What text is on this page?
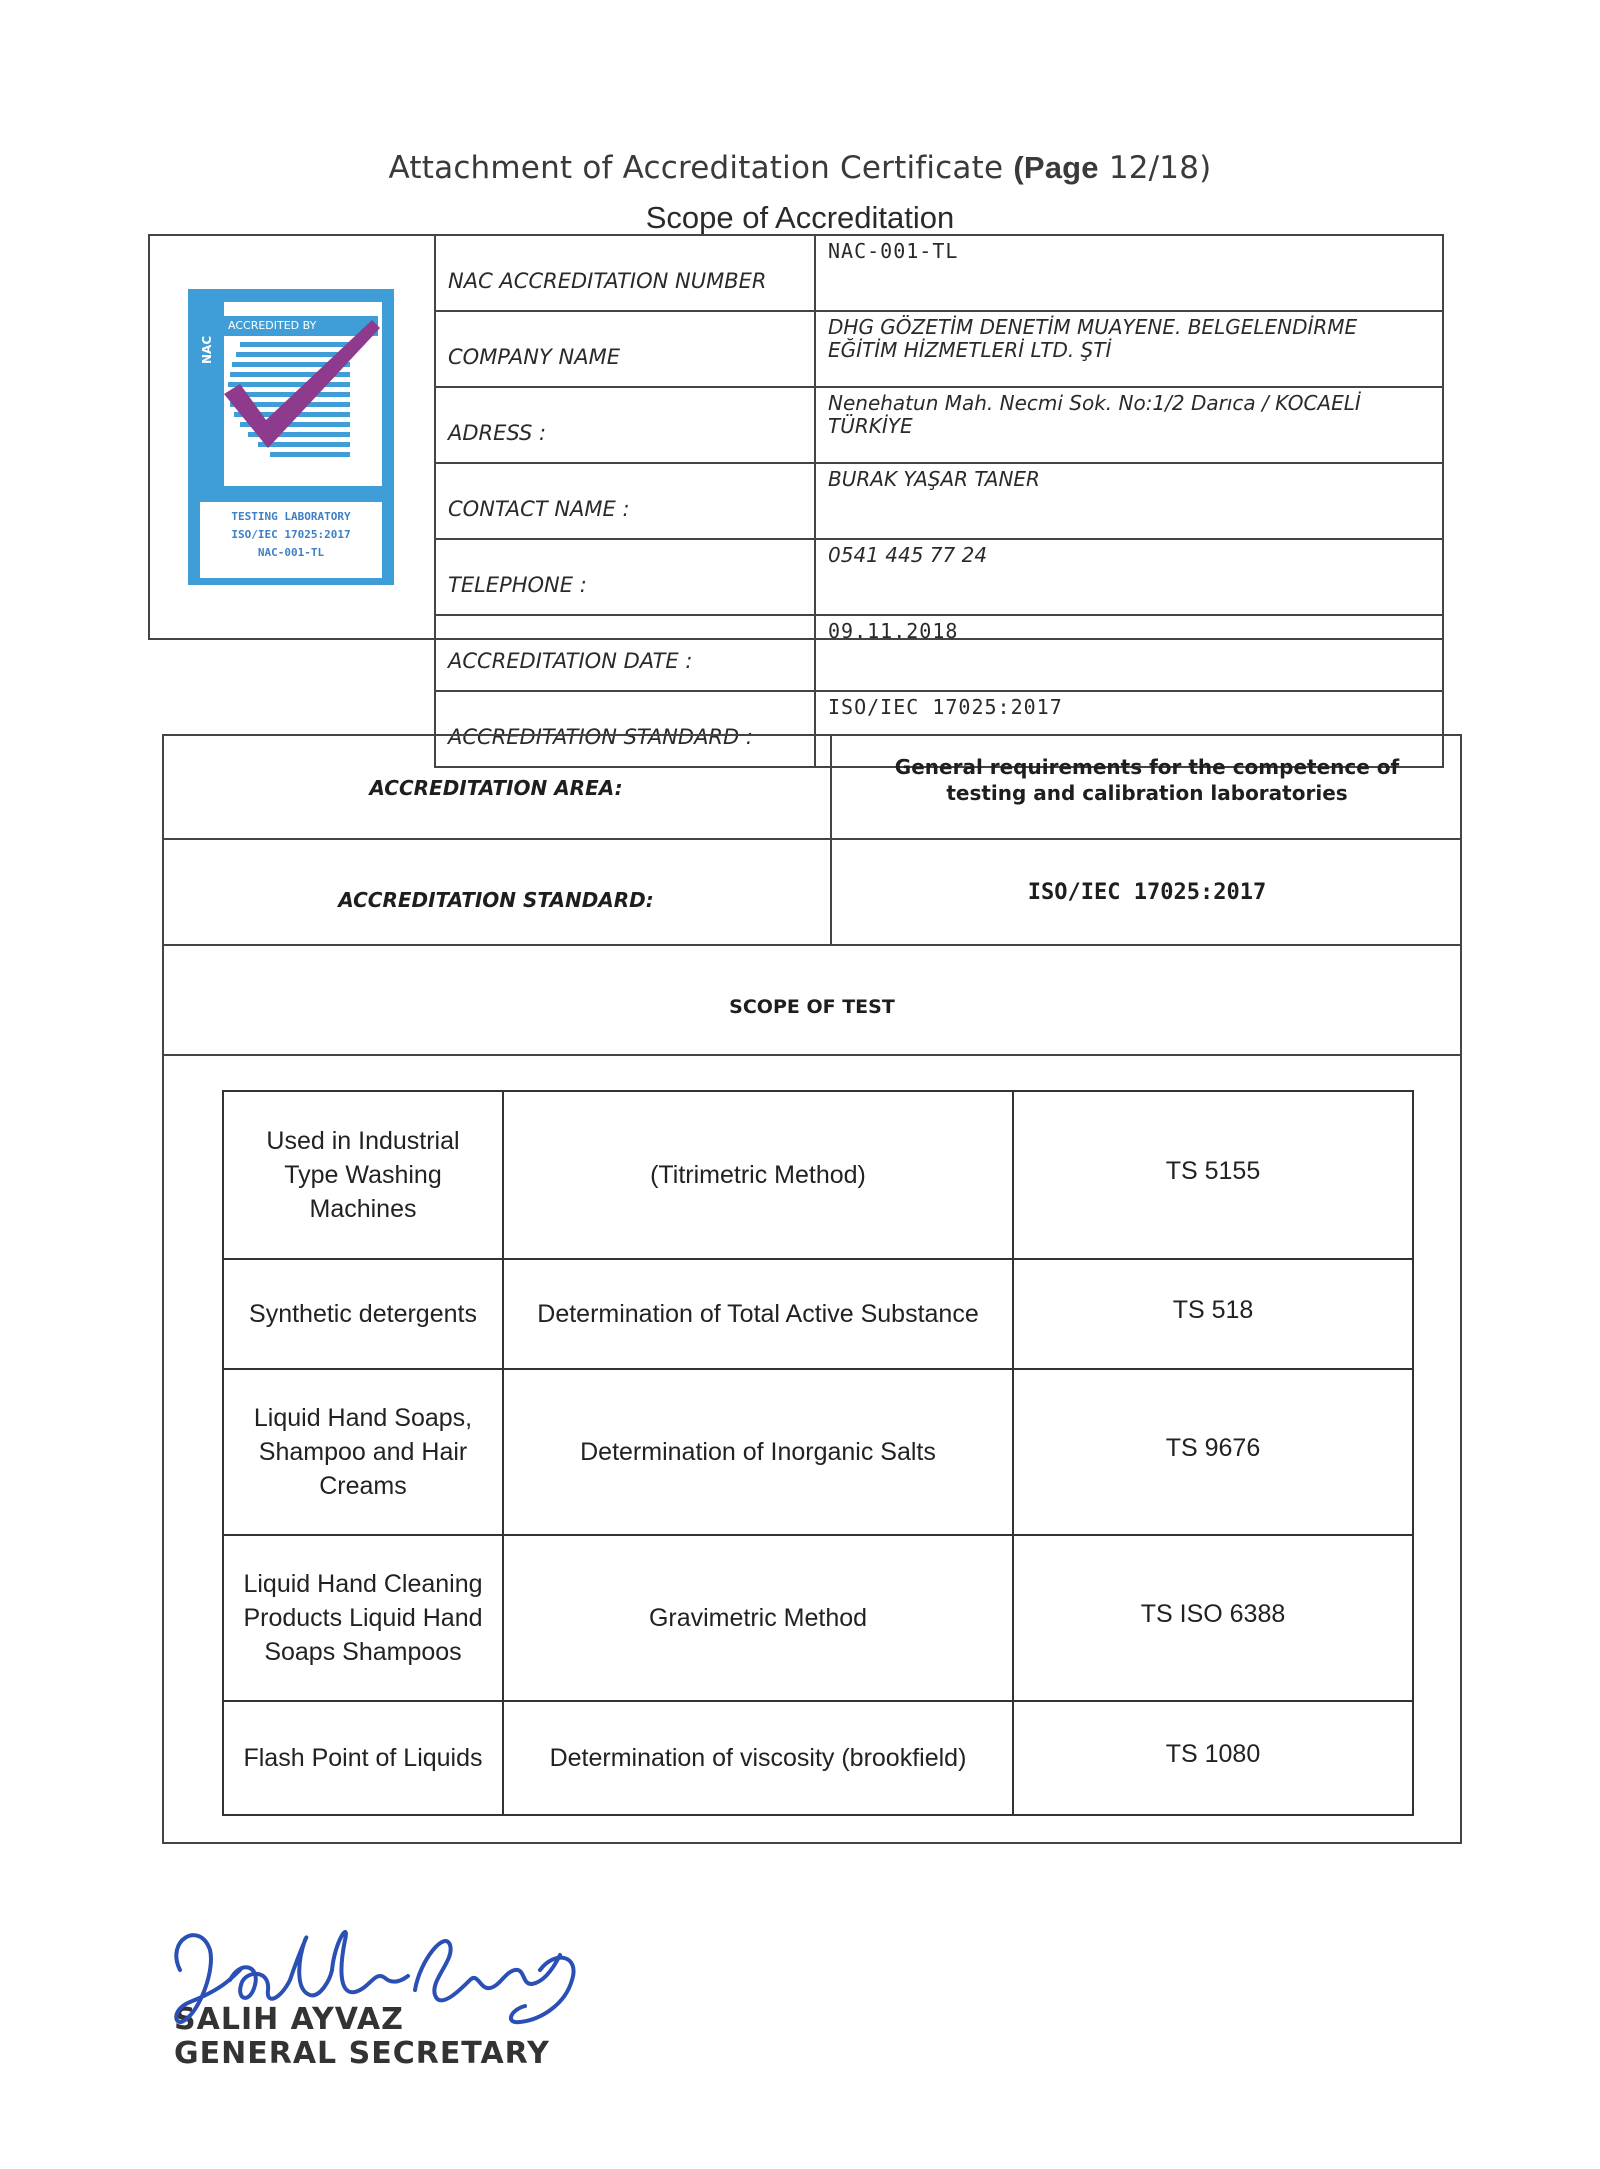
Attachment of Accreditation Certificate (Page 12/18)
Scope of Accreditation
NAC
ACCREDITED BY
TESTING LABORATORY
ISO/IEC 17025:2017
NAC-001-TL
NAC ACCREDITATION NUMBER	NAC-001-TL
COMPANY NAME	DHG GÖZETİM DENETİM MUAYENE. BELGELENDİRME
EĞİTİM HİZMETLERİ LTD. ŞTİ

ADRESS :	Nenehatun Mah. Necmi Sok. No:1/2 Darıca / KOCAELİ
TÜRKİYE

CONTACT NAME :	BURAK YAŞAR TANER
TELEPHONE :	0541 445 77 24
ACCREDITATION DATE :	09.11.2018
ACCREDITATION STANDARD :	ISO/IEC 17025:2017
ACCREDITATION AREA:
General requirements for the competence of
testing and calibration laboratories
ACCREDITATION STANDARD:	ISO/IEC 17025:2017
SCOPE OF TEST
Used in Industrial
Type Washing
Machines	(Titrimetric Method)	TS 5155

Synthetic detergents	Determination of Total Active Substance	TS 518

Liquid Hand Soaps,
Shampoo and Hair
Creams	Determination of Inorganic Salts	TS 9676

Liquid Hand Cleaning
Products Liquid Hand
Soaps Shampoos	Gravimetric Method	TS ISO 6388

Flash Point of Liquids	Determination of viscosity (brookfield)	TS 1080
SALIH AYVAZ
GENERAL SECRETARY
